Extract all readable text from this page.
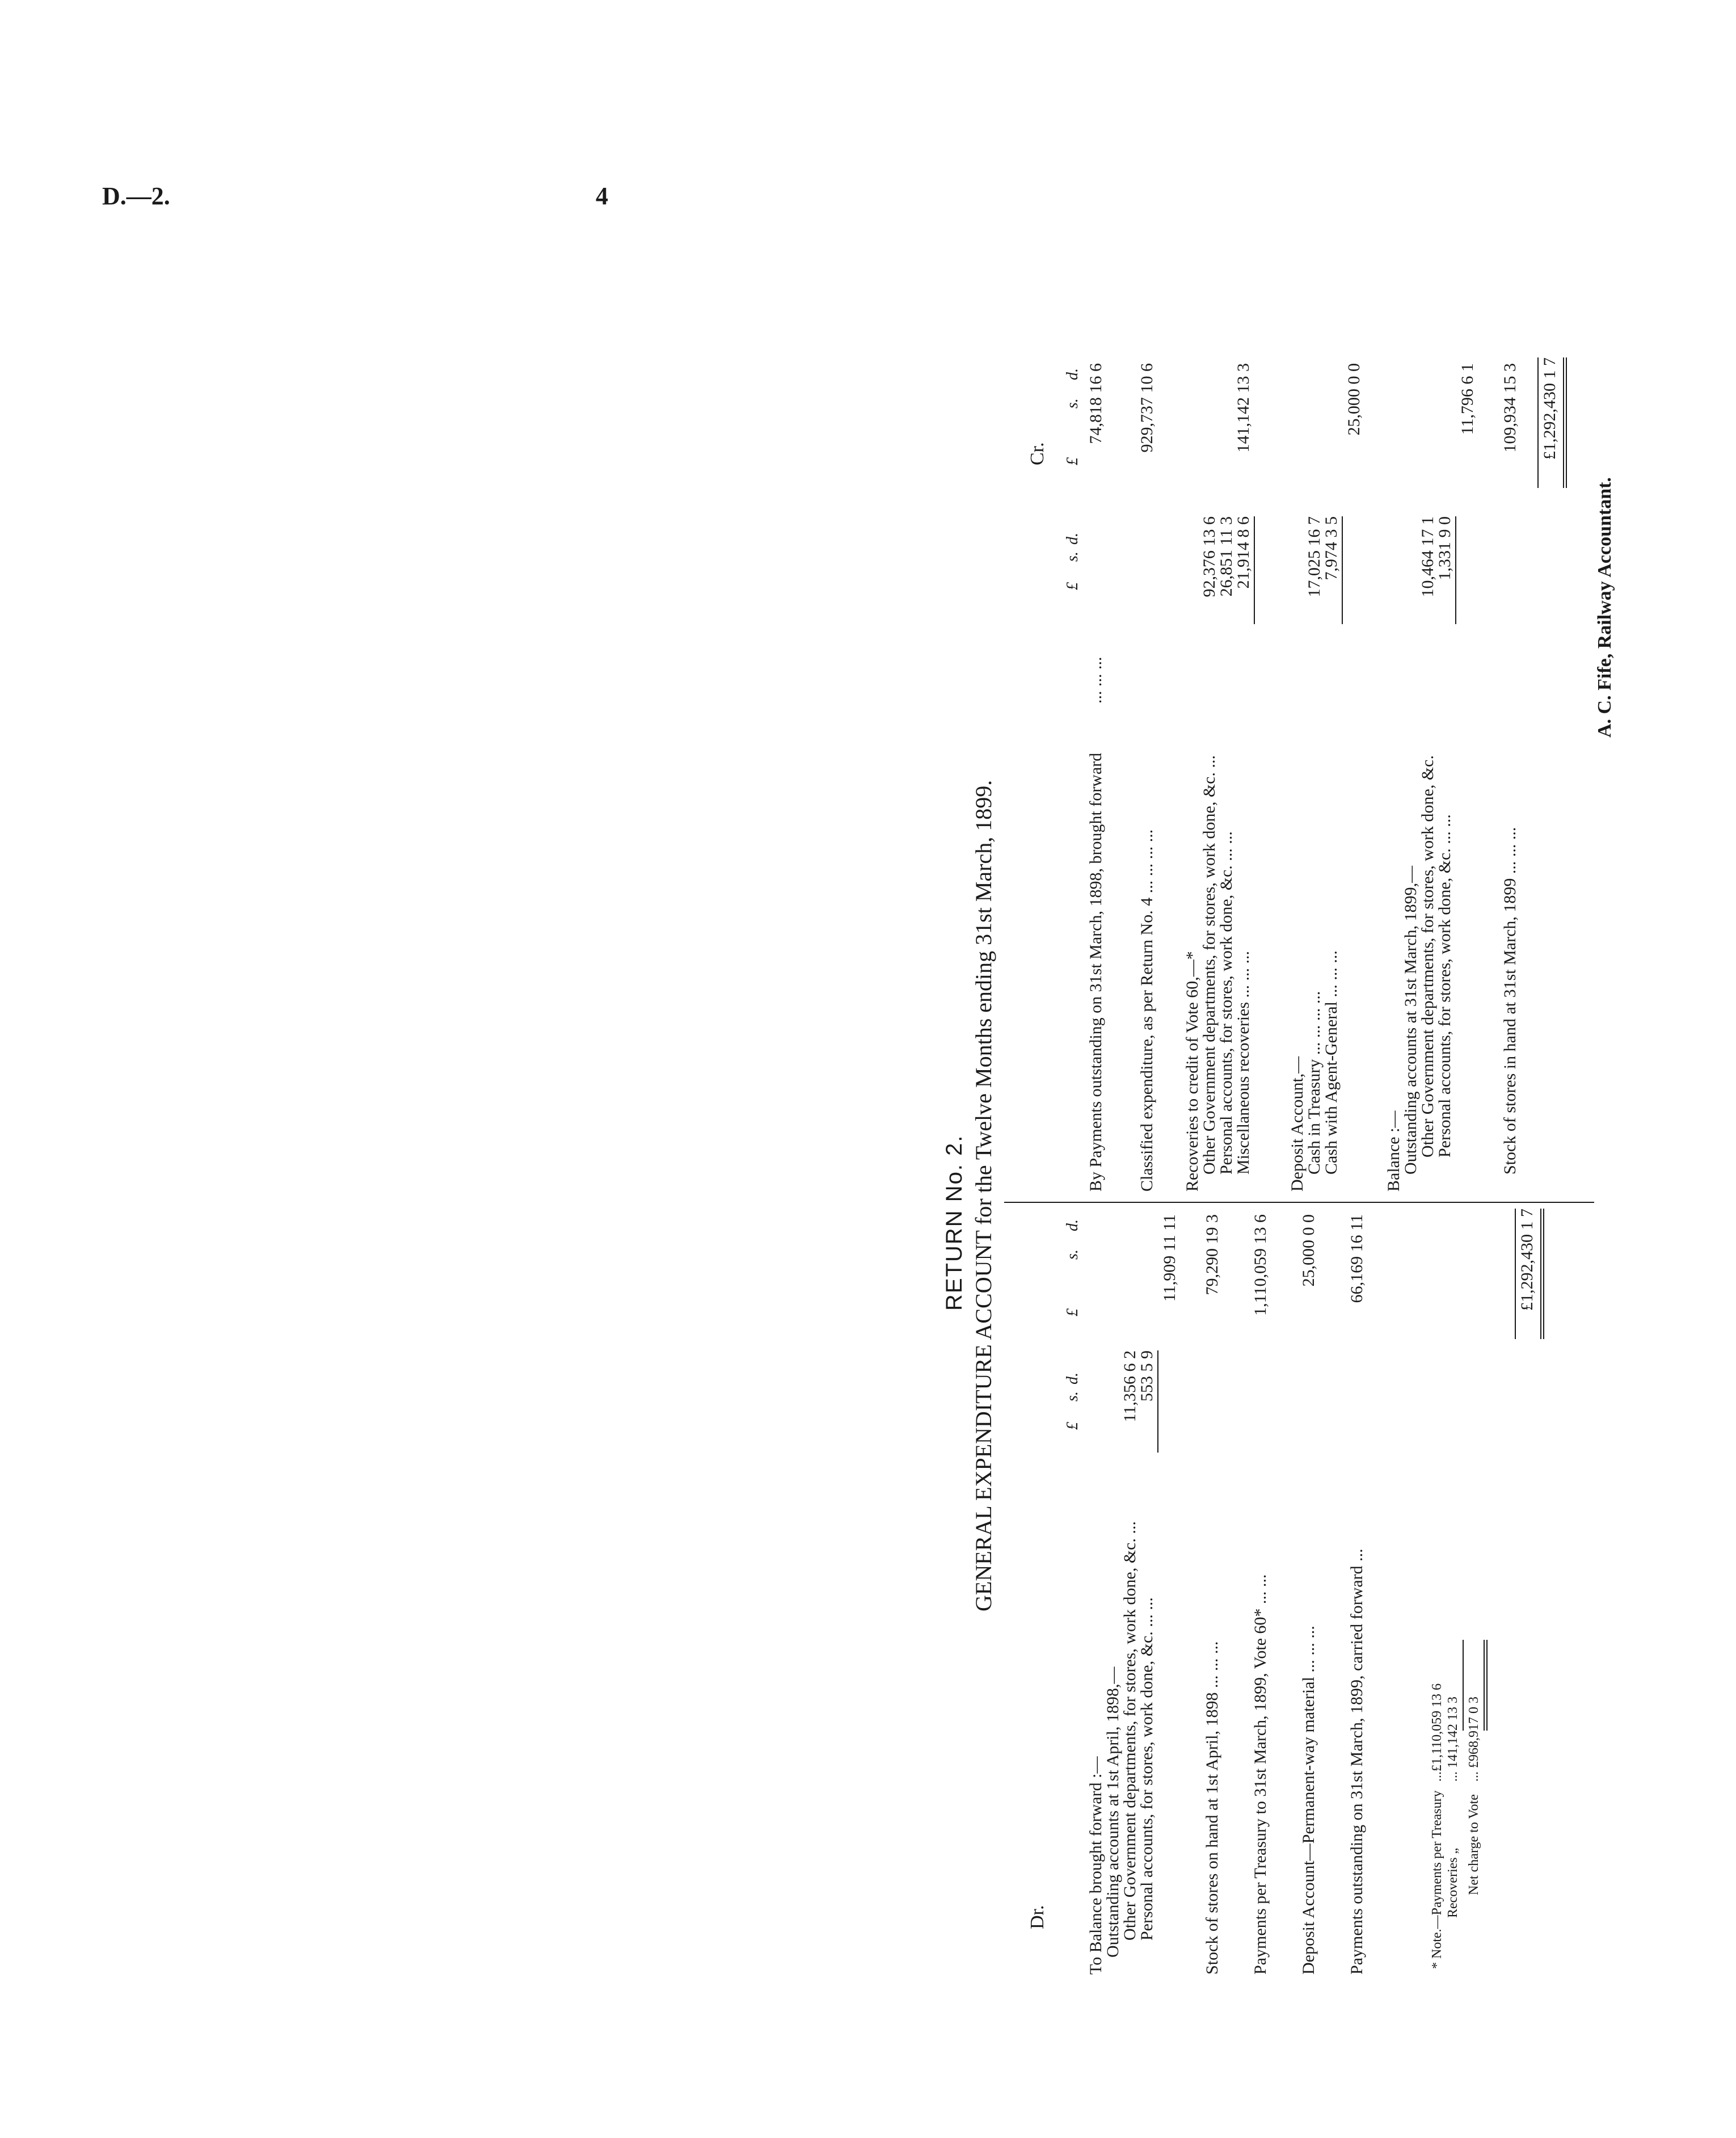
D.—2.	4
RETURN No. 2. GENERAL EXPENDITURE ACCOUNT for the Twelve Months ending 31st March, 1899.
Dr.
Cr.
£
s.
d.
£
s.
d.
To Balance brought forward :—
Outstanding accounts at 1st April, 1898,—
Other Government departments, for stores, work done, &c. ...
11,356 6 2
Personal accounts, for stores, work done, &c. ... ...
553 5 9
11,909 11 11
Stock of stores on hand at 1st April, 1898 ... ... ...
79,290 19 3
Payments per Treasury to 31st March, 1899, Vote 60* ... ...
1,110,059 13 6
Deposit Account—Permanent-way material ... ... ...
25,000 0 0
Payments outstanding on 31st March, 1899, carried forward ...
66,169 16 11
* Note.—Payments per Treasury
...£1,110,059 13 6
Recoveries „
... 141,142 13 3
Net charge to Vote
... £968,917 0 3
£1,292,430 1 7
£
s.
d.
£
s.
d.
By Payments outstanding on 31st March, 1898, brought forward
... ... ...
74,818 16 6
Classified expenditure, as per Return No. 4 ... ... ... ...
929,737 10 6
Recoveries to credit of Vote 60,—*
Other Government departments, for stores, work done, &c. ...
92,376 13 6
Personal accounts, for stores, work done, &c. ... ...
26,851 11 3
Miscellaneous recoveries ... ... ...
21,914 8 6
141,142 13 3
Deposit Account,—
Cash in Treasury ... ... ... ...
17,025 16 7
Cash with Agent-General ... ... ...
7,974 3 5
25,000 0 0
Balance :—
Outstanding accounts at 31st March, 1899,—
Other Government departments, for stores, work done, &c.
10,464 17 1
Personal accounts, for stores, work done, &c. ... ...
1,331 9 0
11,796 6 1
Stock of stores in hand at 31st March, 1899 ... ... ...
109,934 15 3 £1,292,430 1 7
A. C. Fife, Railway Accountant.
